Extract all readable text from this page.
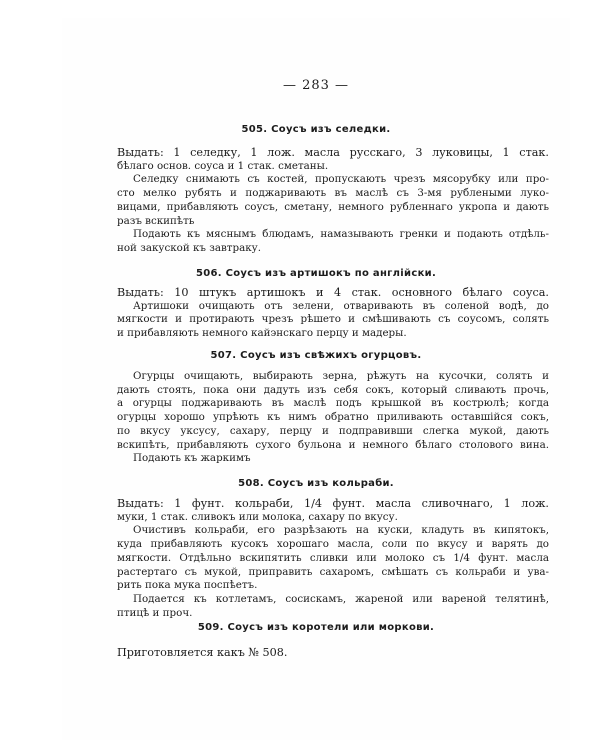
— 283 —
505. Соусъ изъ селедки.
Выдать: 1 селедку, 1 лож. масла русскаго, 3 луковицы, 1 стак.
бѣлаго основ. соуса и 1 стак. сметаны.
Селедку снимають съ костей, пропускають чрезъ мясорубку или про-
сто мелко рубять и поджаривають въ маслѣ съ 3-мя рублеными луко-
вицами, прибавляють соусъ, сметану, немного рубленнаго укропа и дають
разъ вскипѣть
Подають къ мяснымъ блюдамъ, намазывають гренки и подають отдѣль-
ной закуской къ завтраку.
506. Соусъ изъ артишокъ по англійски.
Выдать: 10 штукъ артишокъ и 4 стак. основного бѣлаго соуса.
Артишоки очищають отъ зелени, отваривають въ соленой водѣ, до
мягкости и протирають чрезъ рѣшето и смѣшивають съ соусомъ, солять
и прибавляють немного кайэнскаго перцу и мадеры.
507. Соусъ изъ свѣжихъ огурцовъ.
Огурцы очищають, выбирають зерна, рѣжуть на кусочки, солять и
дають стоять, пока они дадуть изъ себя сокъ, который сливають прочь,
а огурцы поджаривають въ маслѣ подъ крышкой въ кострюлѣ; когда
огурцы хорошо упрѣють къ нимъ обратно приливають оставшійся сокъ,
по вкусу уксусу, сахару, перцу и подправивши слегка мукой, дають
вскипѣть, прибавляють сухого бульона и немного бѣлаго столового вина.
Подають къ жаркимъ
508. Соусъ изъ кольраби.
Выдать: 1 фунт. кольраби, 1/4 фунт. масла сливочнаго, 1 лож.
муки, 1 стак. сливокъ или молока, сахару по вкусу.
Очистивъ кольраби, его разрѣзають на куски, кладуть въ кипятокъ,
куда прибавляють кусокъ хорошаго масла, соли по вкусу и варять до
мягкости. Отдѣльно вскипятить сливки или молоко съ 1/4 фунт. масла
растертаго съ мукой, приправить сахаромъ, смѣшать съ кольраби и ува-
рить пока мука поспѣетъ.
Подается къ котлетамъ, сосискамъ, жареной или вареной телятинѣ,
птицѣ и проч.
509. Соусъ изъ коротели или моркови.
Приготовляется какъ № 508.
